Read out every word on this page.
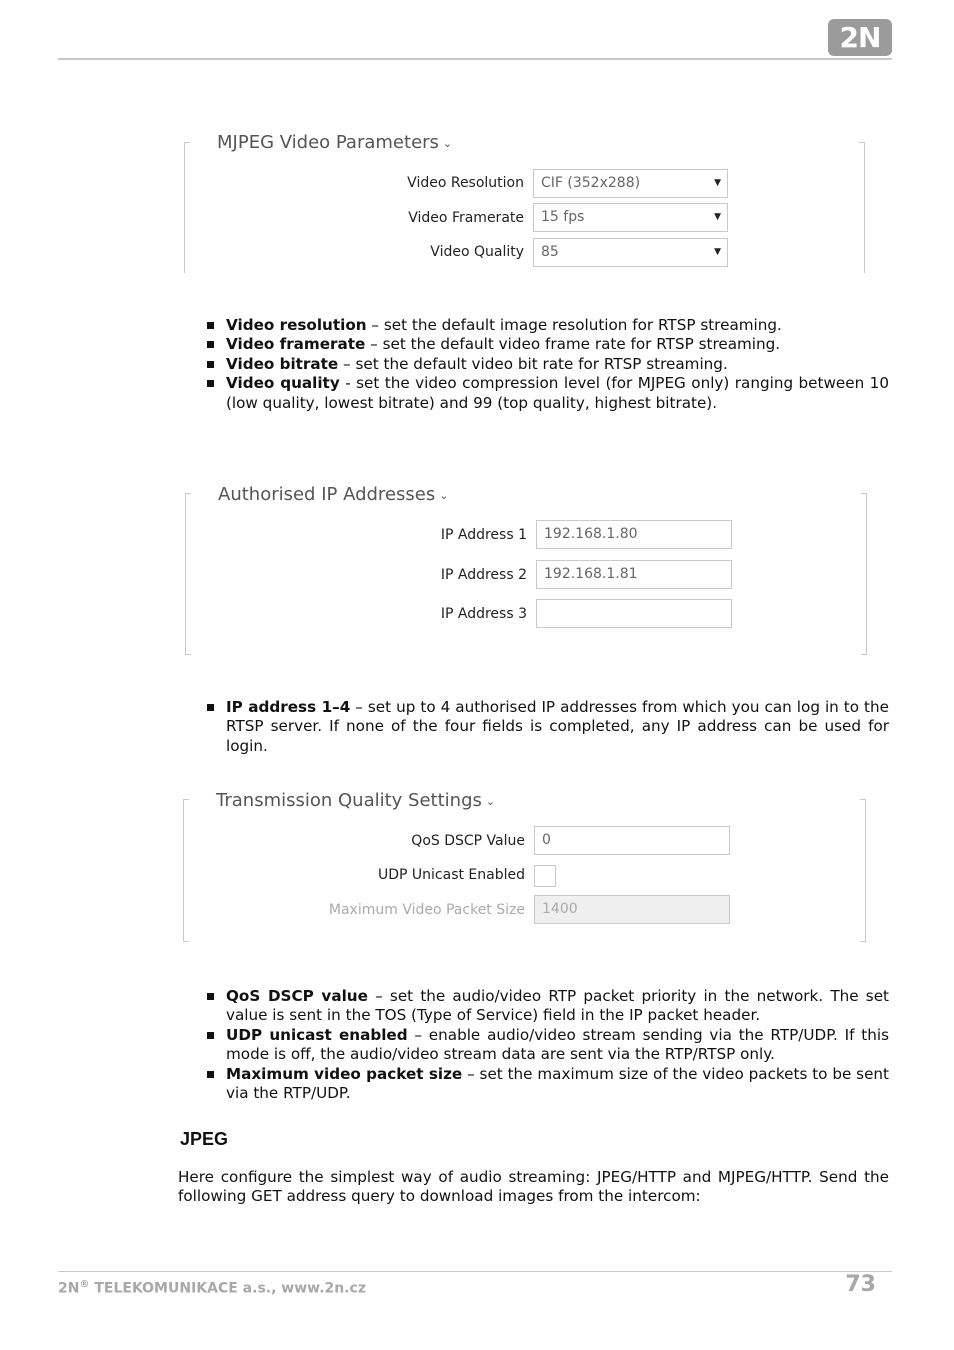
2N
MJPEG Video Parameters ⌄
Video Resolution	CIF (352x288)	▼
Video Framerate	15 fps	▼
Video Quality	85	▼
Video resolution – set the default image resolution for RTSP streaming.
Video framerate – set the default video frame rate for RTSP streaming.
Video bitrate – set the default video bit rate for RTSP streaming.
Video quality - set the video compression level (for MJPEG only) ranging between 10 (low quality, lowest bitrate) and 99 (top quality, highest bitrate).
Authorised IP Addresses ⌄
IP Address 1	192.168.1.80
IP Address 2	192.168.1.81
IP Address 3
IP address 1–4 – set up to 4 authorised IP addresses from which you can log in to the RTSP server. If none of the four fields is completed, any IP address can be used for login.
Transmission Quality Settings ⌄
QoS DSCP Value	0
UDP Unicast Enabled
Maximum Video Packet Size	1400
QoS DSCP value – set the audio/video RTP packet priority in the network. The set value is sent in the TOS (Type of Service) field in the IP packet header.
UDP unicast enabled – enable audio/video stream sending via the RTP/UDP. If this mode is off, the audio/video stream data are sent via the RTP/RTSP only.
Maximum video packet size – set the maximum size of the video packets to be sent via the RTP/UDP.
JPEG

Here configure the simplest way of audio streaming: JPEG/HTTP and MJPEG/HTTP. Send the following GET address query to download images from the intercom:

2N® TELEKOMUNIKACE a.s., www.2n.cz	73
